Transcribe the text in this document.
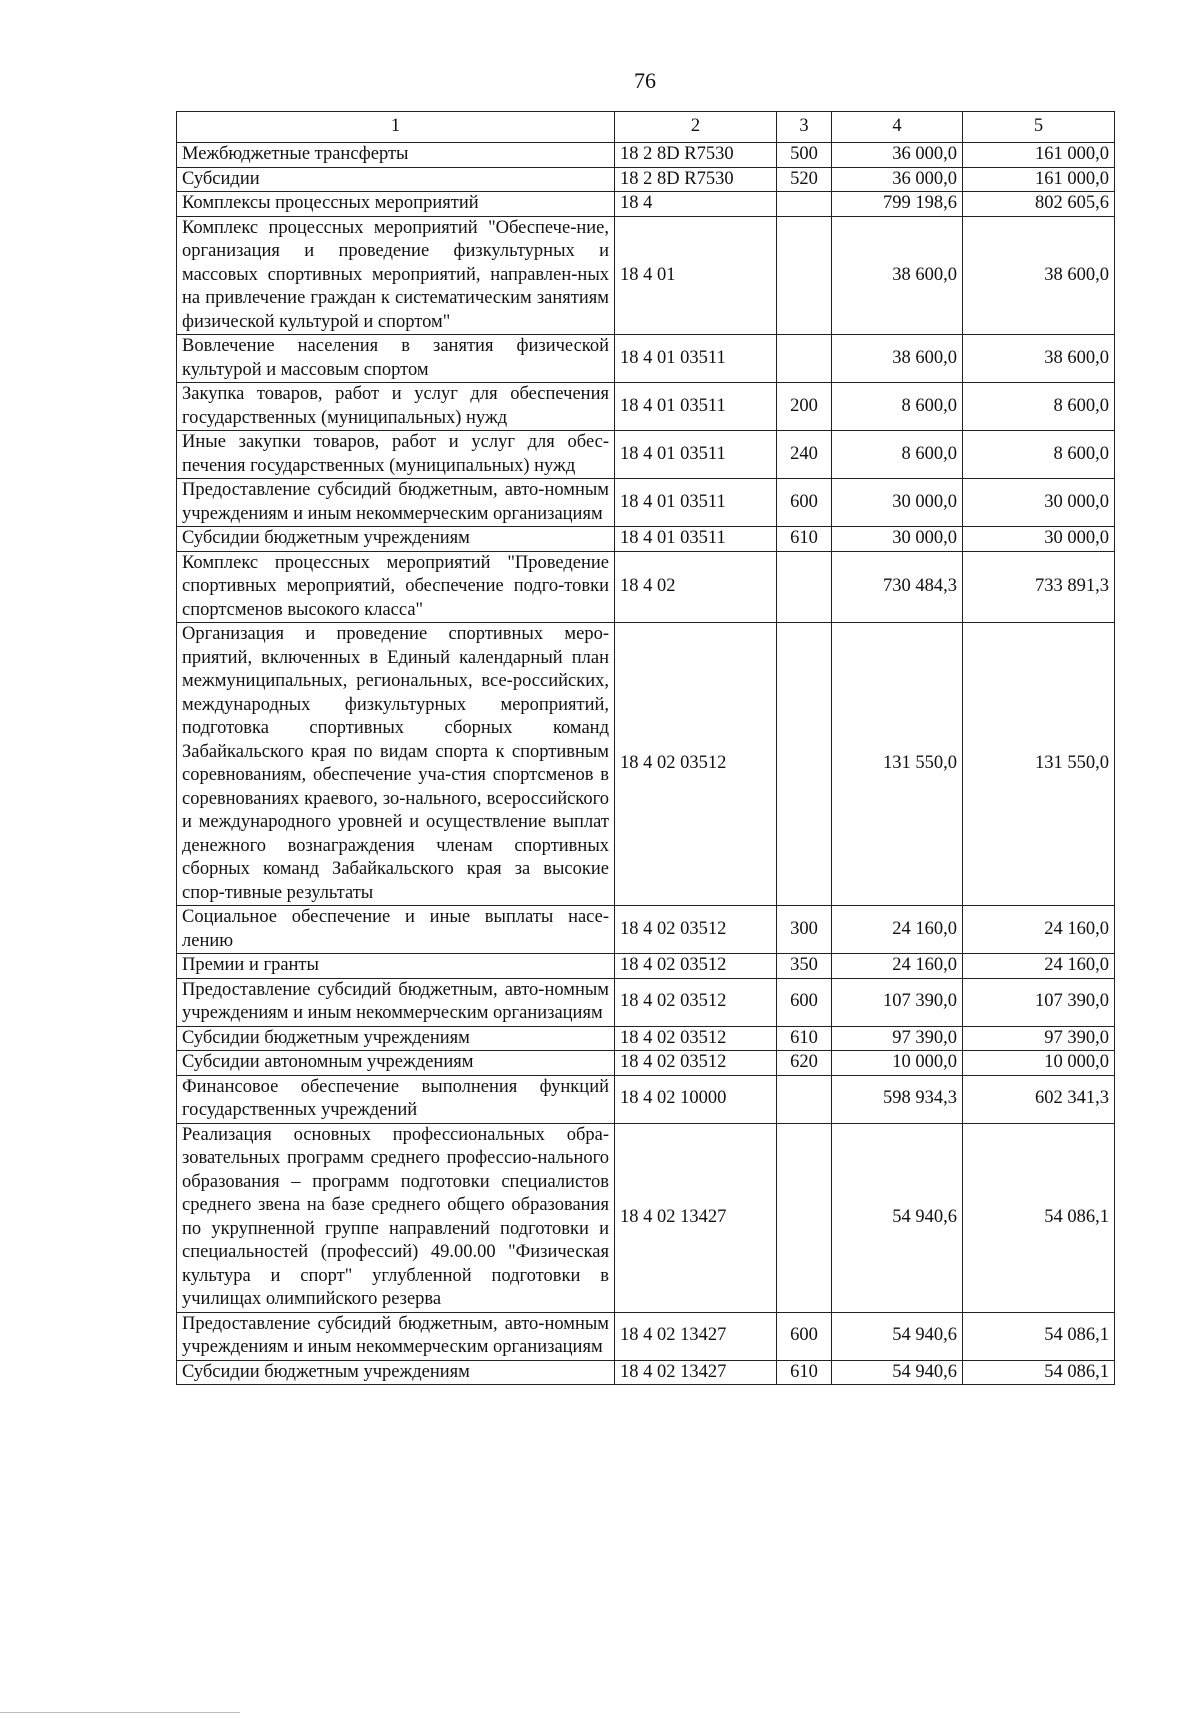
76
1	2	3	4	5
Межбюджетные трансферты	18 2 8D R7530	500	36 000,0	161 000,0
Субсидии	18 2 8D R7530	520	36 000,0	161 000,0
Комплексы процессных мероприятий	18 4		799 198,6	802 605,6
Комплекс процессных мероприятий "Обеспече-ние, организация и проведение физкультурных и массовых спортивных мероприятий, направлен-ных на привлечение граждан к систематическим занятиям физической культурой и спортом"	18 4 01		38 600,0	38 600,0
Вовлечение населения в занятия физической культурой и массовым спортом	18 4 01 03511		38 600,0	38 600,0
Закупка товаров, работ и услуг для обеспечения государственных (муниципальных) нужд	18 4 01 03511	200	8 600,0	8 600,0
Иные закупки товаров, работ и услуг для обес-печения государственных (муниципальных) нужд	18 4 01 03511	240	8 600,0	8 600,0
Предоставление субсидий бюджетным, авто-номным учреждениям и иным некоммерческим организациям	18 4 01 03511	600	30 000,0	30 000,0
Субсидии бюджетным учреждениям	18 4 01 03511	610	30 000,0	30 000,0
Комплекс процессных мероприятий "Проведение спортивных мероприятий, обеспечение подго-товки спортсменов высокого класса"	18 4 02		730 484,3	733 891,3
Организация и проведение спортивных меро-приятий, включенных в Единый календарный план межмуниципальных, региональных, все-российских, международных физкультурных мероприятий, подготовка спортивных сборных команд Забайкальского края по видам спорта к спортивным соревнованиям, обеспечение уча-стия спортсменов в соревнованиях краевого, зо-нального, всероссийского и международного уровней и осуществление выплат денежного вознаграждения членам спортивных сборных команд Забайкальского края за высокие спор-тивные результаты	18 4 02 03512		131 550,0	131 550,0
Социальное обеспечение и иные выплаты насе-лению	18 4 02 03512	300	24 160,0	24 160,0
Премии и гранты	18 4 02 03512	350	24 160,0	24 160,0
Предоставление субсидий бюджетным, авто-номным учреждениям и иным некоммерческим организациям	18 4 02 03512	600	107 390,0	107 390,0
Субсидии бюджетным учреждениям	18 4 02 03512	610	97 390,0	97 390,0
Субсидии автономным учреждениям	18 4 02 03512	620	10 000,0	10 000,0
Финансовое обеспечение выполнения функций государственных учреждений	18 4 02 10000		598 934,3	602 341,3
Реализация основных профессиональных обра-зовательных программ среднего профессио-нального образования – программ подготовки специалистов среднего звена на базе среднего общего образования по укрупненной группе направлений подготовки и специальностей (профессий) 49.00.00 "Физическая культура и спорт" углубленной подготовки в училищах олимпийского резерва	18 4 02 13427		54 940,6	54 086,1
Предоставление субсидий бюджетным, авто-номным учреждениям и иным некоммерческим организациям	18 4 02 13427	600	54 940,6	54 086,1
Субсидии бюджетным учреждениям	18 4 02 13427	610	54 940,6	54 086,1
